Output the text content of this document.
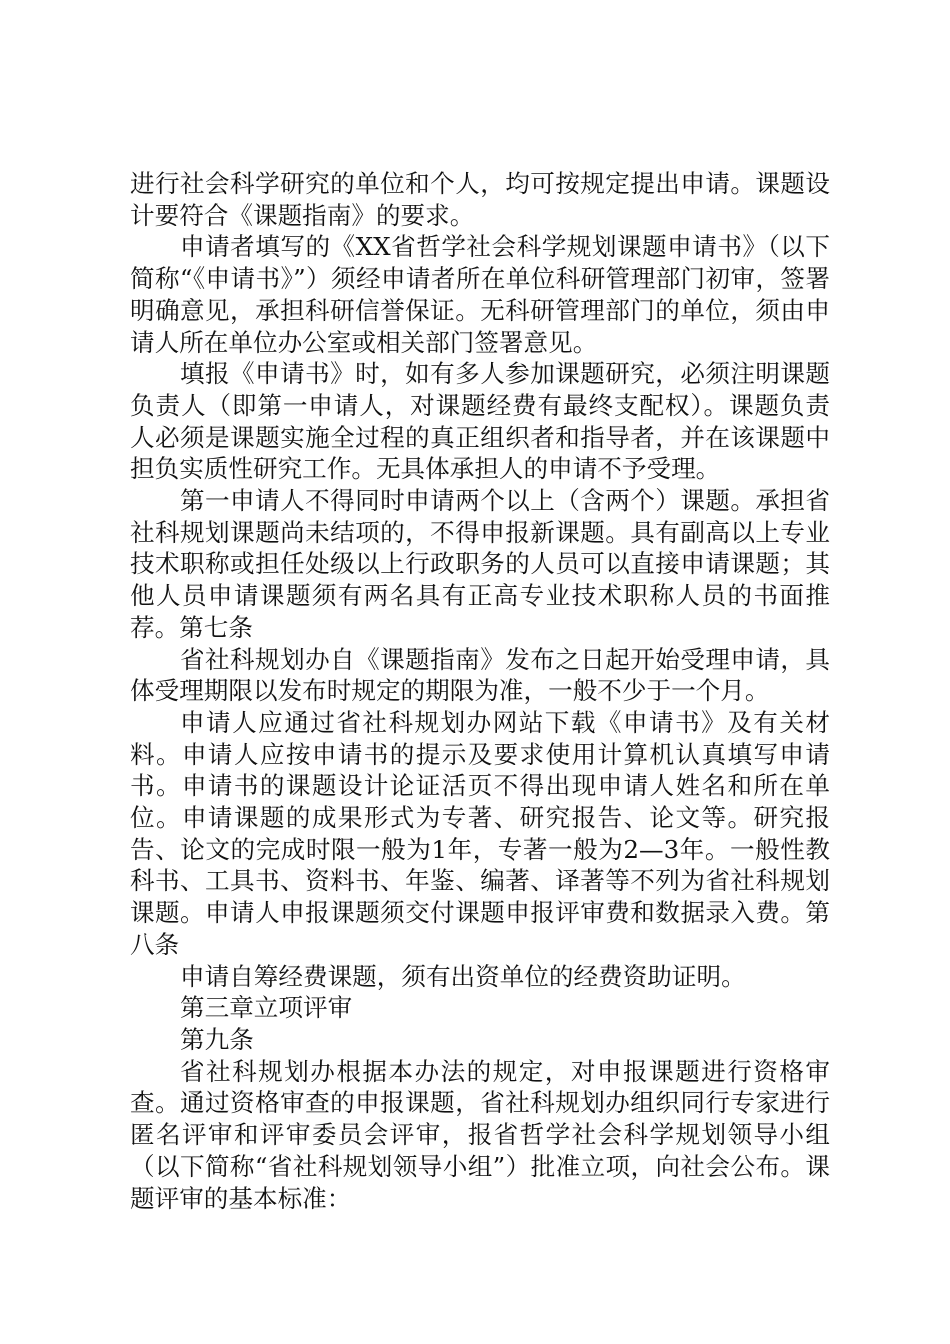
进行社会科学研究的单位和个人，均可按规定提出申请。课题设计要符合《课题指南》的要求。

申请者填写的《XX省哲学社会科学规划课题申请书》（以下简称“《申请书》”）须经申请者所在单位科研管理部门初审，签署明确意见，承担科研信誉保证。无科研管理部门的单位，须由申请人所在单位办公室或相关部门签署意见。

填报《申请书》时，如有多人参加课题研究，必须注明课题负责人（即第一申请人，对课题经费有最终支配权）。课题负责人必须是课题实施全过程的真正组织者和指导者，并在该课题中担负实质性研究工作。无具体承担人的申请不予受理。

第一申请人不得同时申请两个以上（含两个）课题。承担省社科规划课题尚未结项的，不得申报新课题。具有副高以上专业技术职称或担任处级以上行政职务的人员可以直接申请课题；其他人员申请课题须有两名具有正高专业技术职称人员的书面推荐。第七条

省社科规划办自《课题指南》发布之日起开始受理申请，具体受理期限以发布时规定的期限为准，一般不少于一个月。

申请人应通过省社科规划办网站下载《申请书》及有关材料。申请人应按申请书的提示及要求使用计算机认真填写申请书。申请书的课题设计论证活页不得出现申请人姓名和所在单位。申请课题的成果形式为专著、研究报告、论文等。研究报告、论文的完成时限一般为1年，专著一般为2—3年。一般性教科书、工具书、资料书、年鉴、编著、译著等不列为省社科规划课题。申请人申报课题须交付课题申报评审费和数据录入费。第八条

申请自筹经费课题，须有出资单位的经费资助证明。

第三章立项评审

第九条

省社科规划办根据本办法的规定，对申报课题进行资格审查。通过资格审查的申报课题，省社科规划办组织同行专家进行匿名评审和评审委员会评审，报省哲学社会科学规划领导小组（以下简称“省社科规划领导小组”）批准立项，向社会公布。课题评审的基本标准：
